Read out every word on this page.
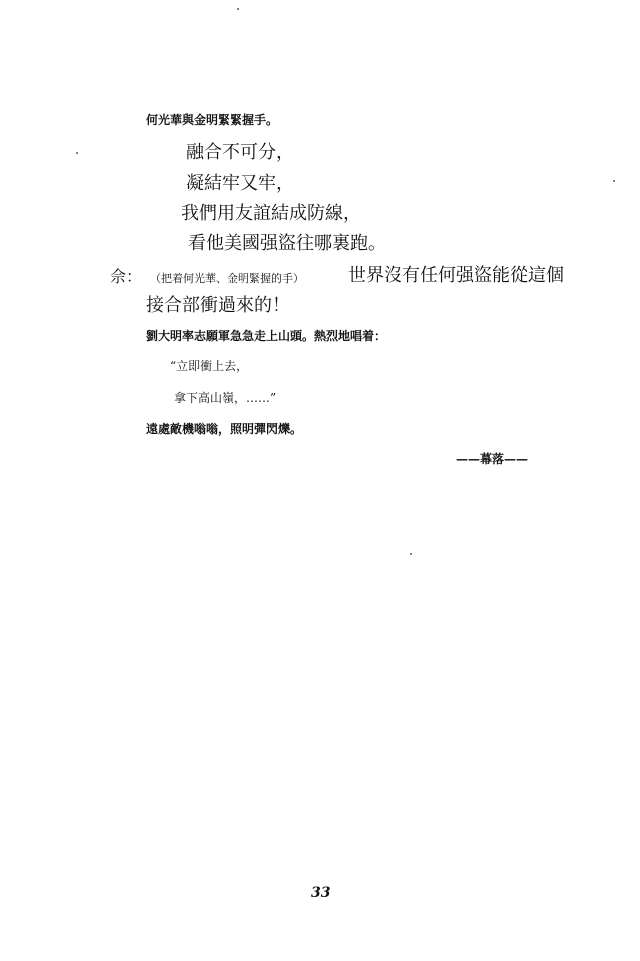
何光華與金明緊緊握手。
融合不可分，
凝結牢又牢，
我們用友誼結成防線，
看他美國强盜往哪裏跑。
佘： （把着何光華、金明緊握的手） 世界沒有任何强盜能從這個
接合部衝過來的！
劉大明率志願軍急急走上山頭。熱烈地唱着：
“立即衝上去，
拿下高山嶺，……”
遠處敵機嗡嗡，照明彈閃爍。
——幕落——
33
